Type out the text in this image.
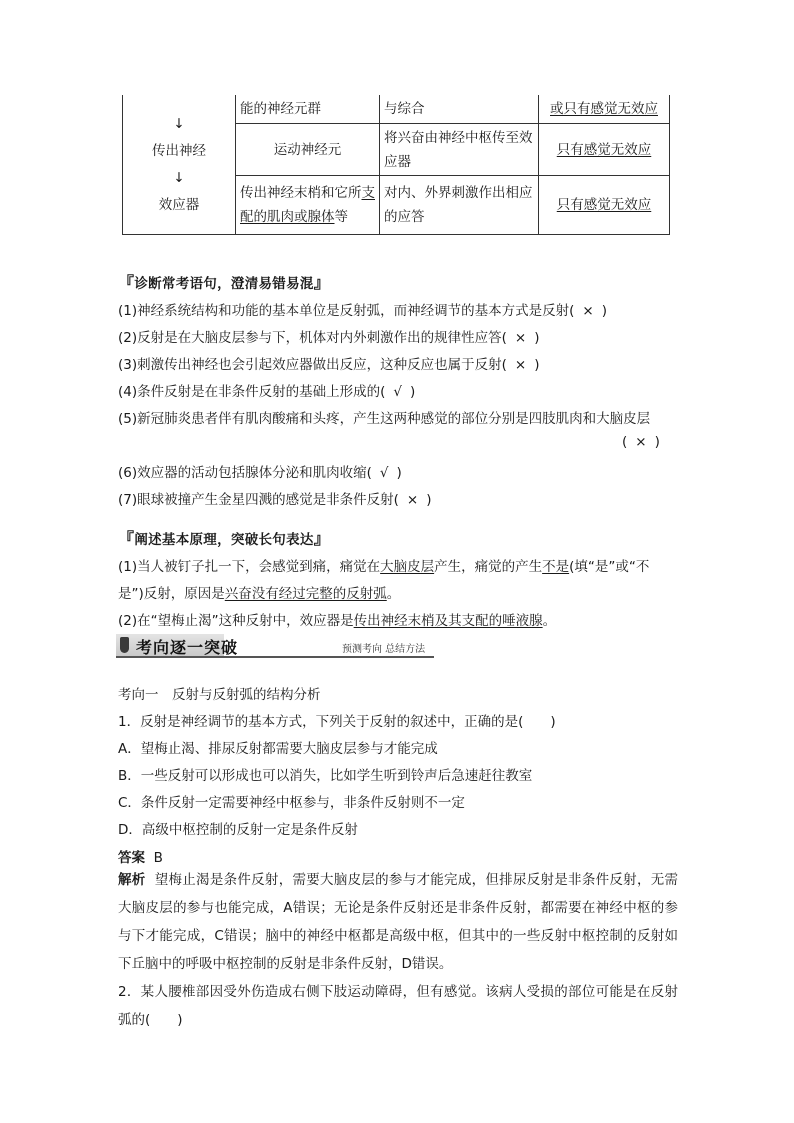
↓
传出神经
↓
效应器	能的神经元群	与综合	或只有感觉无效应
	运动神经元	将兴奋由神经中枢传至效应器	只有感觉无效应
	传出神经末梢和它所支配的肌肉或腺体等	对内、外界刺激作出相应的应答	只有感觉无效应
『诊断常考语句，澄清易错易混』
(1)神经系统结构和功能的基本单位是反射弧，而神经调节的基本方式是反射( × )
(2)反射是在大脑皮层参与下，机体对内外刺激作出的规律性应答( × )
(3)刺激传出神经也会引起效应器做出反应，这种反应也属于反射( × )
(4)条件反射是在非条件反射的基础上形成的( √ )
(5)新冠肺炎患者伴有肌肉酸痛和头疼，产生这两种感觉的部位分别是四肢肌肉和大脑皮层
( × )
(6)效应器的活动包括腺体分泌和肌肉收缩( √ )
(7)眼球被撞产生金星四溅的感觉是非条件反射( × )
『阐述基本原理，突破长句表达』
(1)当人被钉子扎一下，会感觉到痛，痛觉在大脑皮层产生，痛觉的产生不是(填“是”或“不
是”)反射，原因是兴奋没有经过完整的反射弧。
(2)在“望梅止渴”这种反射中，效应器是传出神经末梢及其支配的唾液腺。
考向逐一突破	预测考向 总结方法
考向一　反射与反射弧的结构分析
1．反射是神经调节的基本方式，下列关于反射的叙述中，正确的是(　　)
A．望梅止渴、排尿反射都需要大脑皮层参与才能完成
B．一些反射可以形成也可以消失，比如学生听到铃声后急速赶往教室
C．条件反射一定需要神经中枢参与，非条件反射则不一定
D．高级中枢控制的反射一定是条件反射
答案 B
解析 望梅止渴是条件反射，需要大脑皮层的参与才能完成，但排尿反射是非条件反射，无需大脑皮层的参与也能完成，A错误；无论是条件反射还是非条件反射，都需要在神经中枢的参与下才能完成，C错误；脑中的神经中枢都是高级中枢，但其中的一些反射中枢控制的反射如下丘脑中的呼吸中枢控制的反射是非条件反射，D错误。
2．某人腰椎部因受外伤造成右侧下肢运动障碍，但有感觉。该病人受损的部位可能是在反射弧的(　　)
